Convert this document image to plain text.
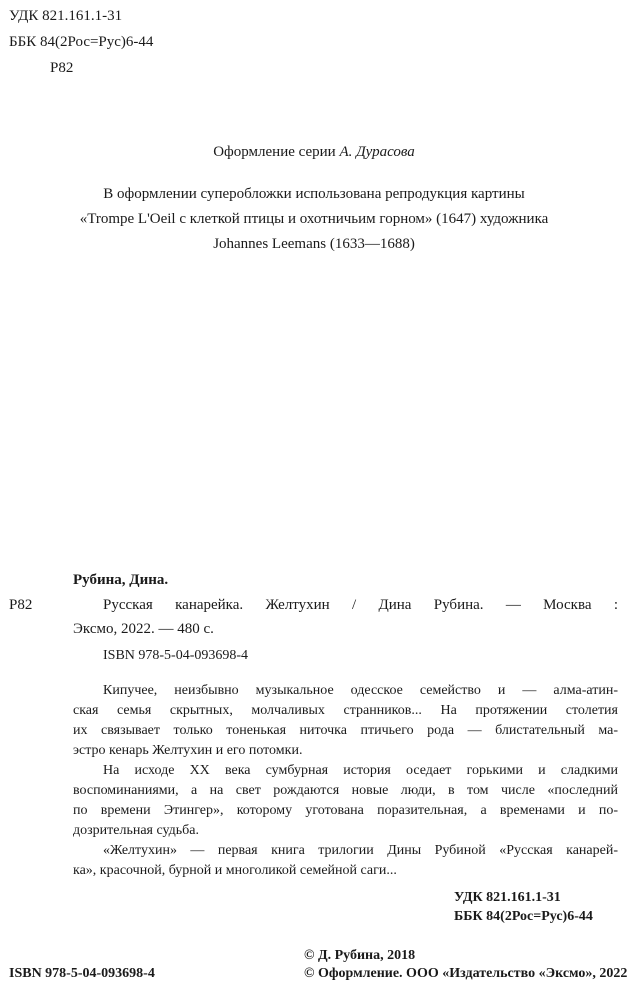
УДК 821.161.1-31
ББК 84(2Рос=Рус)6-44
Р82
Оформление серии А. Дурасова
В оформлении суперобложки использована репродукция картины
«Trompe L'Oeil с клеткой птицы и охотничьим горном» (1647) художника
Johannes Leemans (1633—1688)
Рубина, Дина.
Р82	Русская канарейка. Желтухин / Дина Рубина. — Москва :
Эксмо, 2022. — 480 с.
ISBN 978-5-04-093698-4
Кипучее, неизбывно музыкальное одесское семейство и — алма-атин-
ская семья скрытных, молчаливых странников... На протяжении столетия
их связывает только тоненькая ниточка птичьего рода — блистательный ма-
эстро кенарь Желтухин и его потомки.
На исходе XX века сумбурная история оседает горькими и сладкими
воспоминаниями, а на свет рождаются новые люди, в том числе «последний
по времени Этингер», которому уготована поразительная, а временами и по-
дозрительная судьба.
«Желтухин» — первая книга трилогии Дины Рубиной «Русская канарей-
ка», красочной, бурной и многоликой семейной саги...
УДК 821.161.1-31
ББК 84(2Рос=Рус)6-44
ISBN 978-5-04-093698-4
© Д. Рубина, 2018
© Оформление. ООО «Издательство «Эксмо», 2022
